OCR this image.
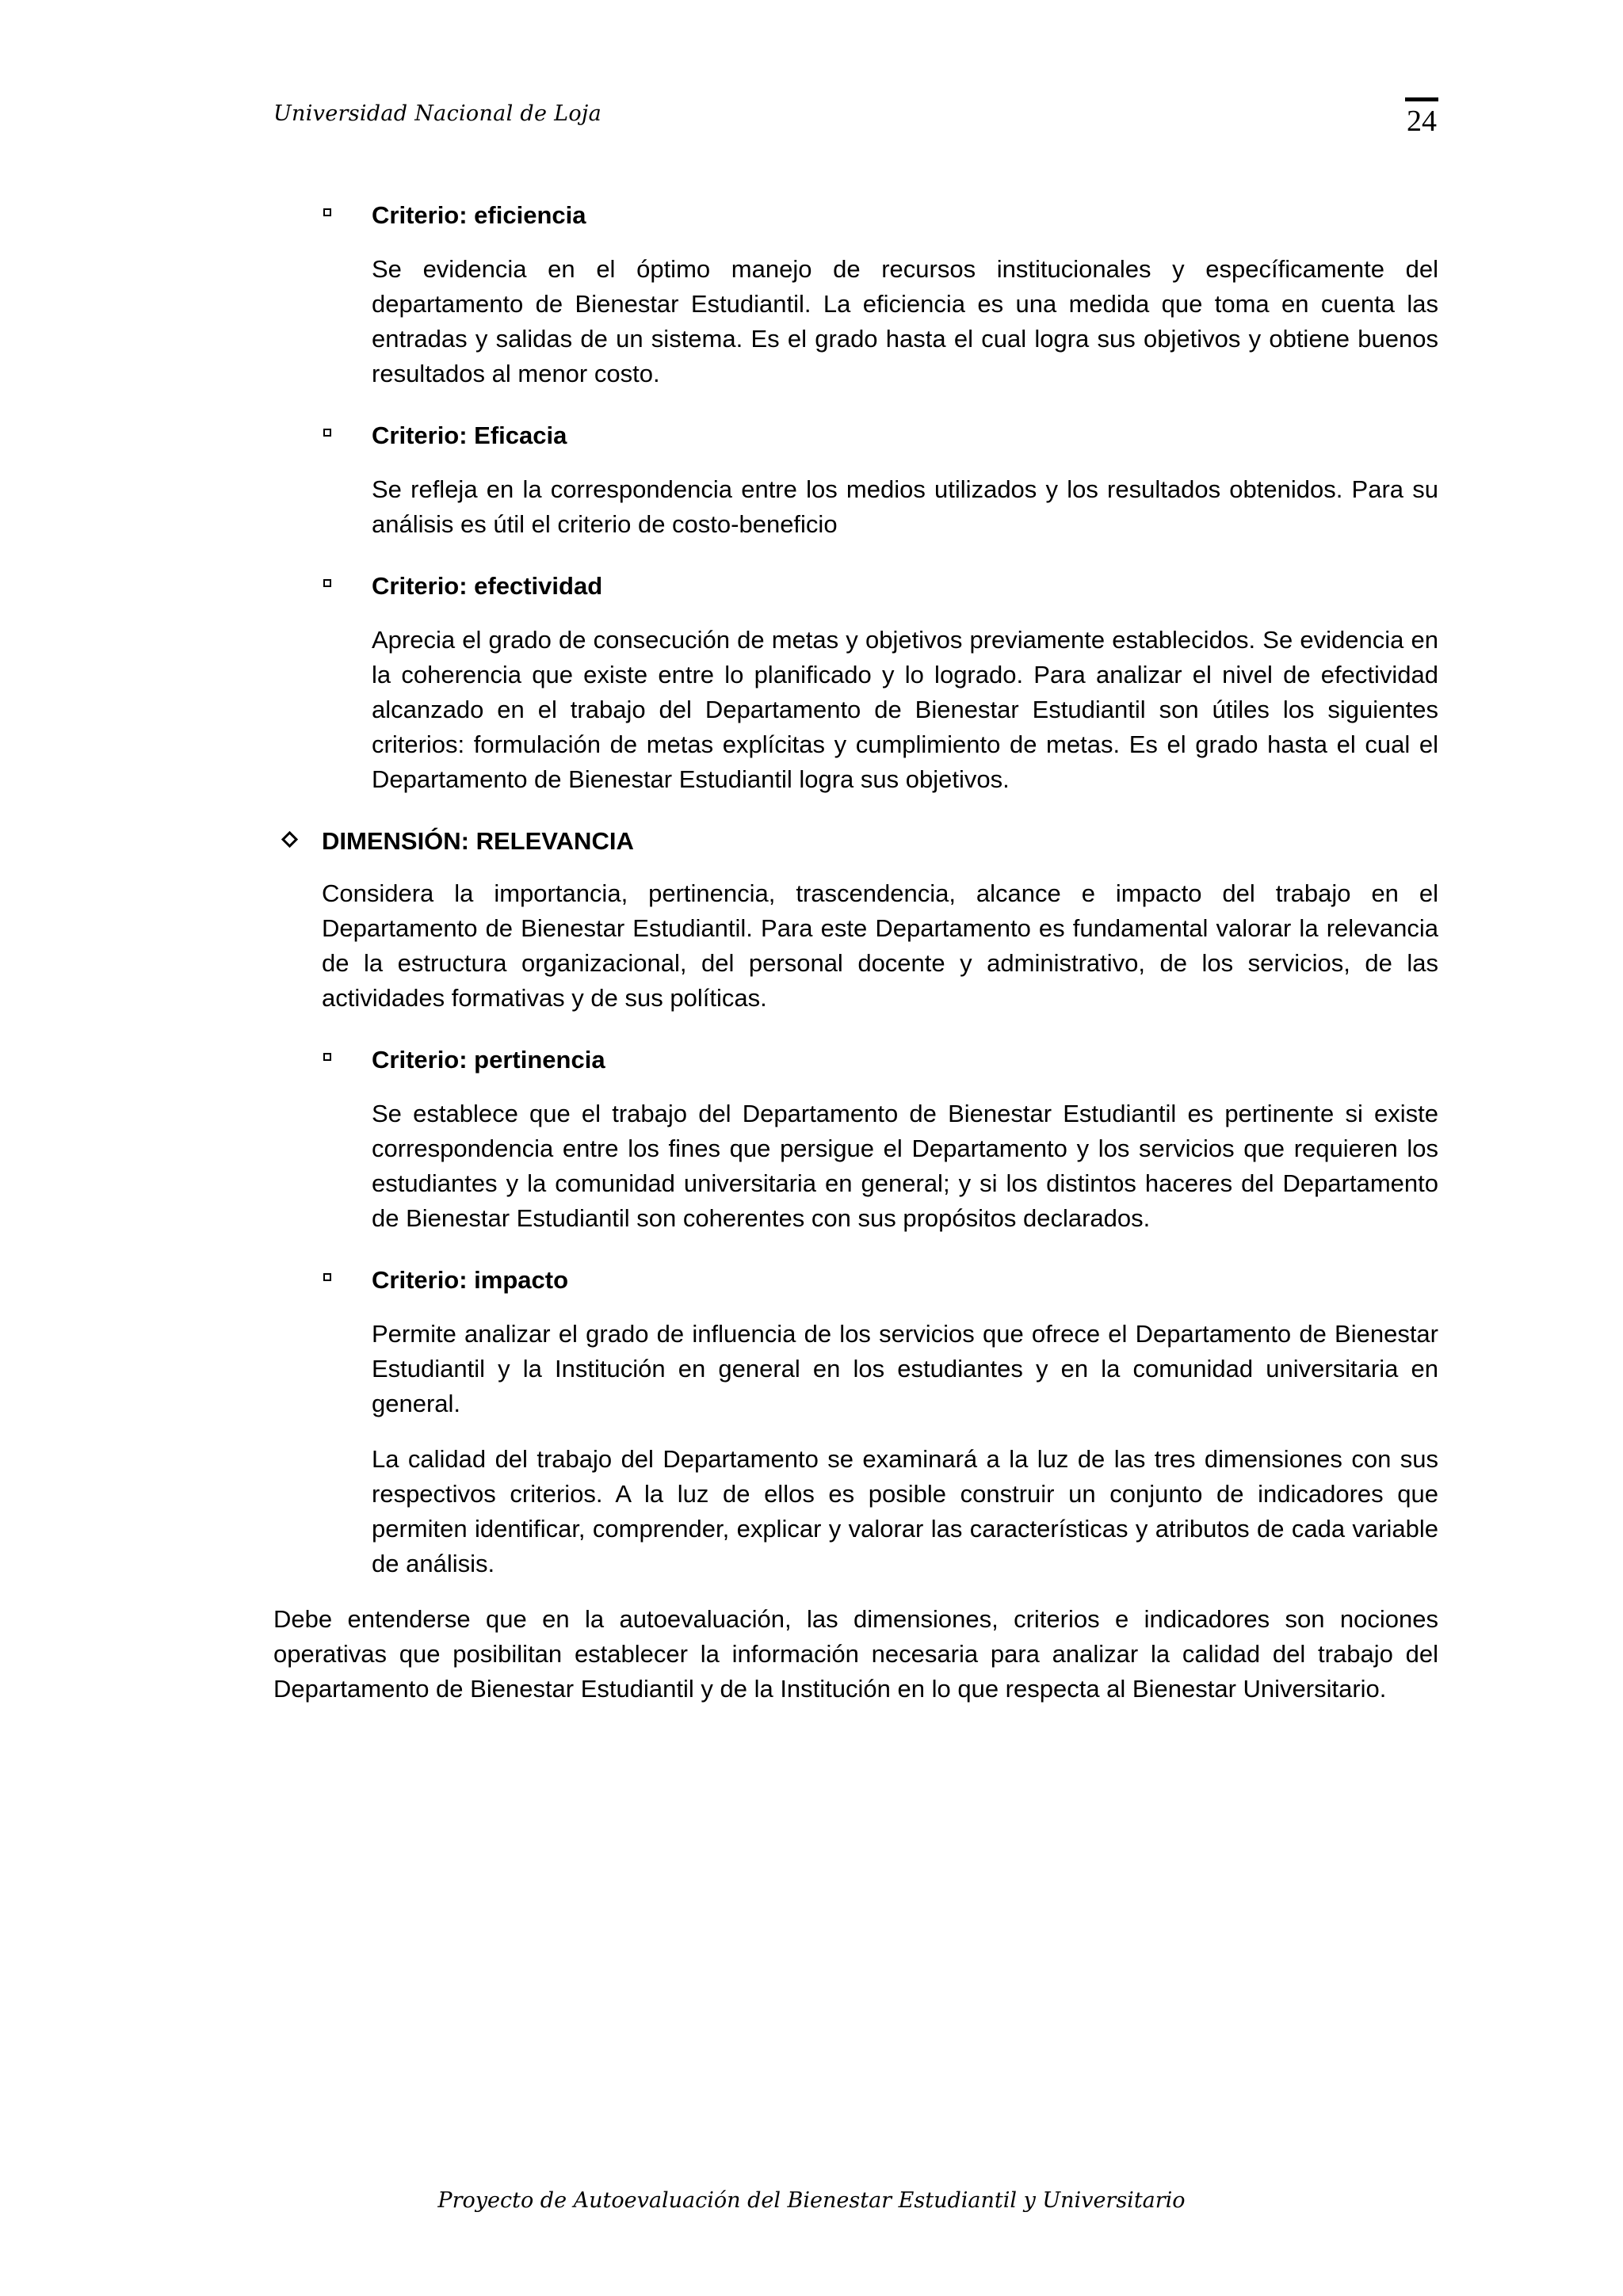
Universidad Nacional de Loja	24
Criterio: eficiencia

Se evidencia en el óptimo manejo de recursos institucionales y específicamente del departamento de Bienestar Estudiantil. La eficiencia es una medida que toma en cuenta las entradas y salidas de un sistema. Es el grado hasta el cual logra sus objetivos y obtiene buenos resultados al menor costo.

Criterio: Eficacia

Se refleja en la correspondencia entre los medios utilizados y los resultados obtenidos. Para su análisis es útil el criterio de costo-beneficio

Criterio: efectividad

Aprecia el grado de consecución de metas y objetivos previamente establecidos. Se evidencia en la coherencia que existe entre lo planificado y lo logrado. Para analizar el nivel de efectividad alcanzado en el trabajo del Departamento de Bienestar Estudiantil son útiles los siguientes criterios: formulación de metas explícitas y cumplimiento de metas. Es el grado hasta el cual el Departamento de Bienestar Estudiantil logra sus objetivos.

DIMENSIÓN: RELEVANCIA

Considera la importancia, pertinencia, trascendencia, alcance e impacto del trabajo en el Departamento de Bienestar Estudiantil. Para este Departamento es fundamental valorar la relevancia de la estructura organizacional, del personal docente y administrativo, de los servicios, de las actividades formativas y de sus políticas.

Criterio: pertinencia

Se establece que el trabajo del Departamento de Bienestar Estudiantil es pertinente si existe correspondencia entre los fines que persigue el Departamento y los servicios que requieren los estudiantes y la comunidad universitaria en general; y si los distintos haceres del Departamento de Bienestar Estudiantil son coherentes con sus propósitos declarados.

Criterio: impacto

Permite analizar el grado de influencia de los servicios que ofrece el Departamento de Bienestar Estudiantil y la Institución en general en los estudiantes y en la comunidad universitaria en general.

La calidad del trabajo del Departamento se examinará a la luz de las tres dimensiones con sus respectivos criterios. A la luz de ellos es posible construir un conjunto de indicadores que permiten identificar, comprender, explicar y valorar las características y atributos de cada variable de análisis.

Debe entenderse que en la autoevaluación, las dimensiones, criterios e indicadores son nociones operativas que posibilitan establecer la información necesaria para analizar la calidad del trabajo del Departamento de Bienestar Estudiantil y de la Institución en lo que respecta al Bienestar Universitario.

Proyecto de Autoevaluación del Bienestar Estudiantil y Universitario
